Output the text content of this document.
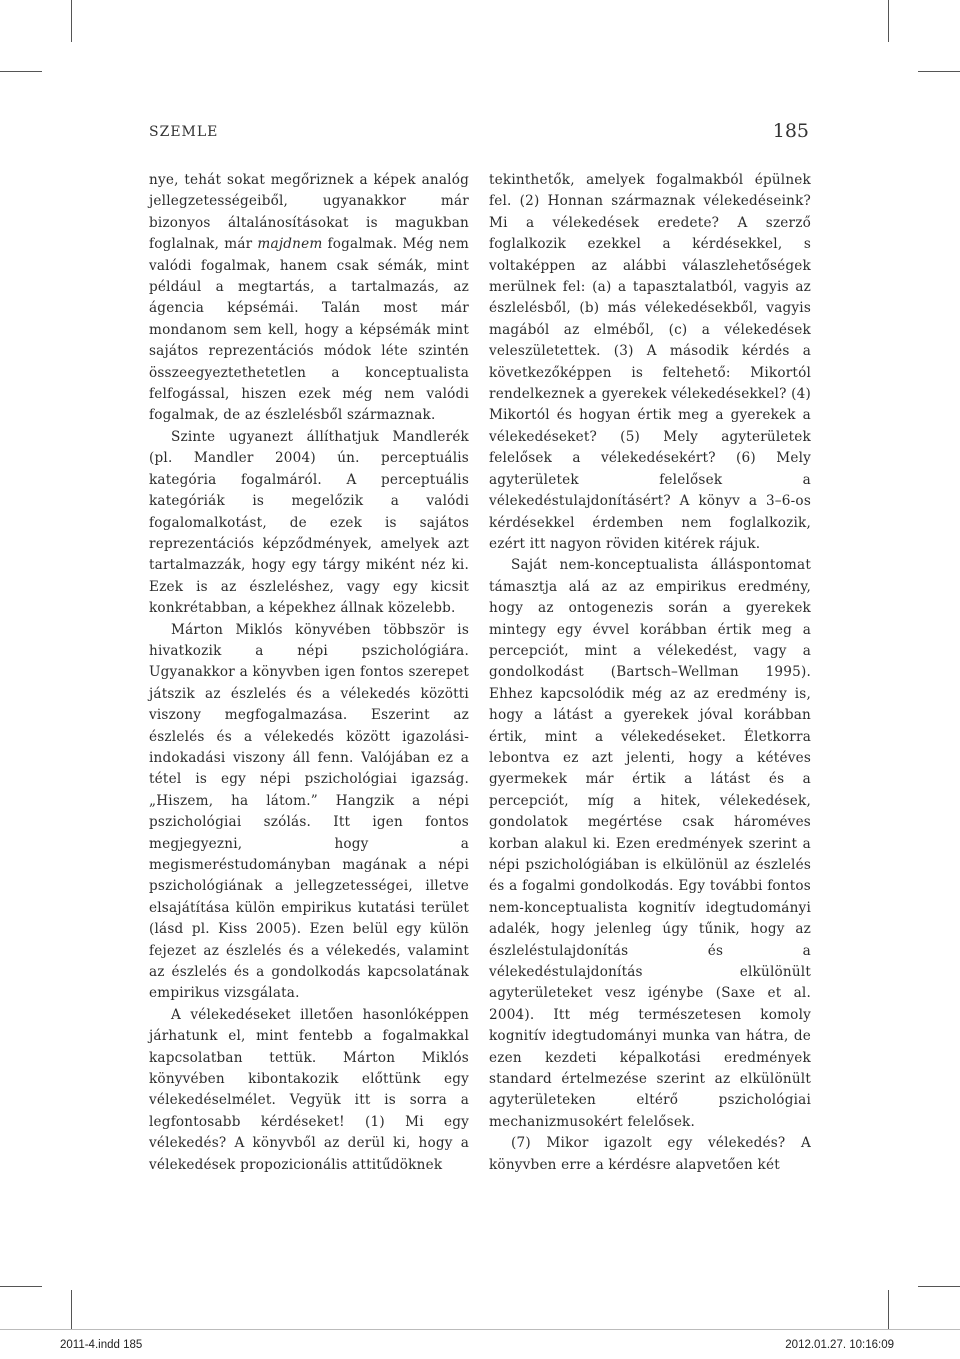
SZEMLE	185

nye, tehát sokat megőriznek a képek analóg jellegzetességeiből, ugyanakkor már bizonyos általánosításokat is magukban foglalnak, már majdnem fogalmak. Még nem valódi fogalmak, hanem csak sémák, mint például a megtartás, a tartalmazás, az ágencia képsémái. Talán most már mondanom sem kell, hogy a képsémák mint sajátos reprezentációs módok léte szintén összeegyeztethetetlen a konceptualista felfogással, hiszen ezek még nem valódi fogalmak, de az észlelésből származnak.

Szinte ugyanezt állíthatjuk Mandlerék (pl. Mandler 2004) ún. perceptuális kategória fogalmáról. A perceptuális kategóriák is megelőzik a valódi fogalomalkotást, de ezek is sajátos reprezentációs képződmények, amelyek azt tartalmazzák, hogy egy tárgy miként néz ki. Ezek is az észleléshez, vagy egy kicsit konkrétabban, a képekhez állnak közelebb.

Márton Miklós könyvében többször is hivatkozik a népi pszichológiára. Ugyanakkor a könyvben igen fontos szerepet játszik az észlelés és a vélekedés közötti viszony megfogalmazása. Eszerint az észlelés és a vélekedés között igazolási-indokadási viszony áll fenn. Valójában ez a tétel is egy népi pszichológiai igazság. „Hiszem, ha látom.” Hangzik a népi pszichológiai szólás. Itt igen fontos megjegyezni, hogy a megismeréstudományban magának a népi pszichológiának a jellegzetességei, illetve elsajátítása külön empirikus kutatási terület (lásd pl. Kiss 2005). Ezen belül egy külön fejezet az észlelés és a vélekedés, valamint az észlelés és a gondolkodás kapcsolatának empirikus vizsgálata.

A vélekedéseket illetően hasonlóképpen járhatunk el, mint fentebb a fogalmakkal kapcsolatban tettük. Márton Miklós könyvében kibontakozik előttünk egy vélekedéselmélet. Vegyük itt is sorra a legfontosabb kérdéseket! (1) Mi egy vélekedés? A könyvből az derül ki, hogy a vélekedések propozicionális attitűdöknek

tekinthetők, amelyek fogalmakból épülnek fel. (2) Honnan származnak vélekedéseink? Mi a vélekedések eredete? A szerző foglalkozik ezekkel a kérdésekkel, s voltaképpen az alábbi válaszlehetőségek merülnek fel: (a) a tapasztalatból, vagyis az észlelésből, (b) más vélekedésekből, vagyis magából az elméből, (c) a vélekedések veleszületettek. (3) A második kérdés a következőképpen is feltehető: Mikortól rendelkeznek a gyerekek vélekedésekkel? (4) Mikortól és hogyan értik meg a gyerekek a vélekedéseket? (5) Mely agyterületek felelősek a vélekedésekért? (6) Mely agyterületek felelősek a vélekedéstulajdonításért? A könyv a 3–6-os kérdésekkel érdemben nem foglalkozik, ezért itt nagyon röviden kitérek rájuk.

Saját nem-konceptualista álláspontomat támasztja alá az az empirikus eredmény, hogy az ontogenezis során a gyerekek mintegy egy évvel korábban értik meg a percepciót, mint a vélekedést, vagy a gondolkodást (Bartsch–Wellman 1995). Ehhez kapcsolódik még az az eredmény is, hogy a látást a gyerekek jóval korábban értik, mint a vélekedéseket. Életkorra lebontva ez azt jelenti, hogy a kétéves gyermekek már értik a látást és a percepciót, míg a hitek, vélekedések, gondolatok megértése csak hároméves korban alakul ki. Ezen eredmények szerint a népi pszichológiában is elkülönül az észlelés és a fogalmi gondolkodás. Egy további fontos nem-konceptualista kognitív idegtudományi adalék, hogy jelenleg úgy tűnik, hogy az észleléstulajdonítás és a vélekedéstulajdonítás elkülönült agyterületeket vesz igénybe (Saxe et al. 2004). Itt még természetesen komoly kognitív idegtudományi munka van hátra, de ezen kezdeti képalkotási eredmények standard értelmezése szerint az elkülönült agyterületeken eltérő pszichológiai mechanizmusokért felelősek.

(7) Mikor igazolt egy vélekedés? A könyvben erre a kérdésre alapvetően két

2011-4.indd 185	2012.01.27. 10:16:09
